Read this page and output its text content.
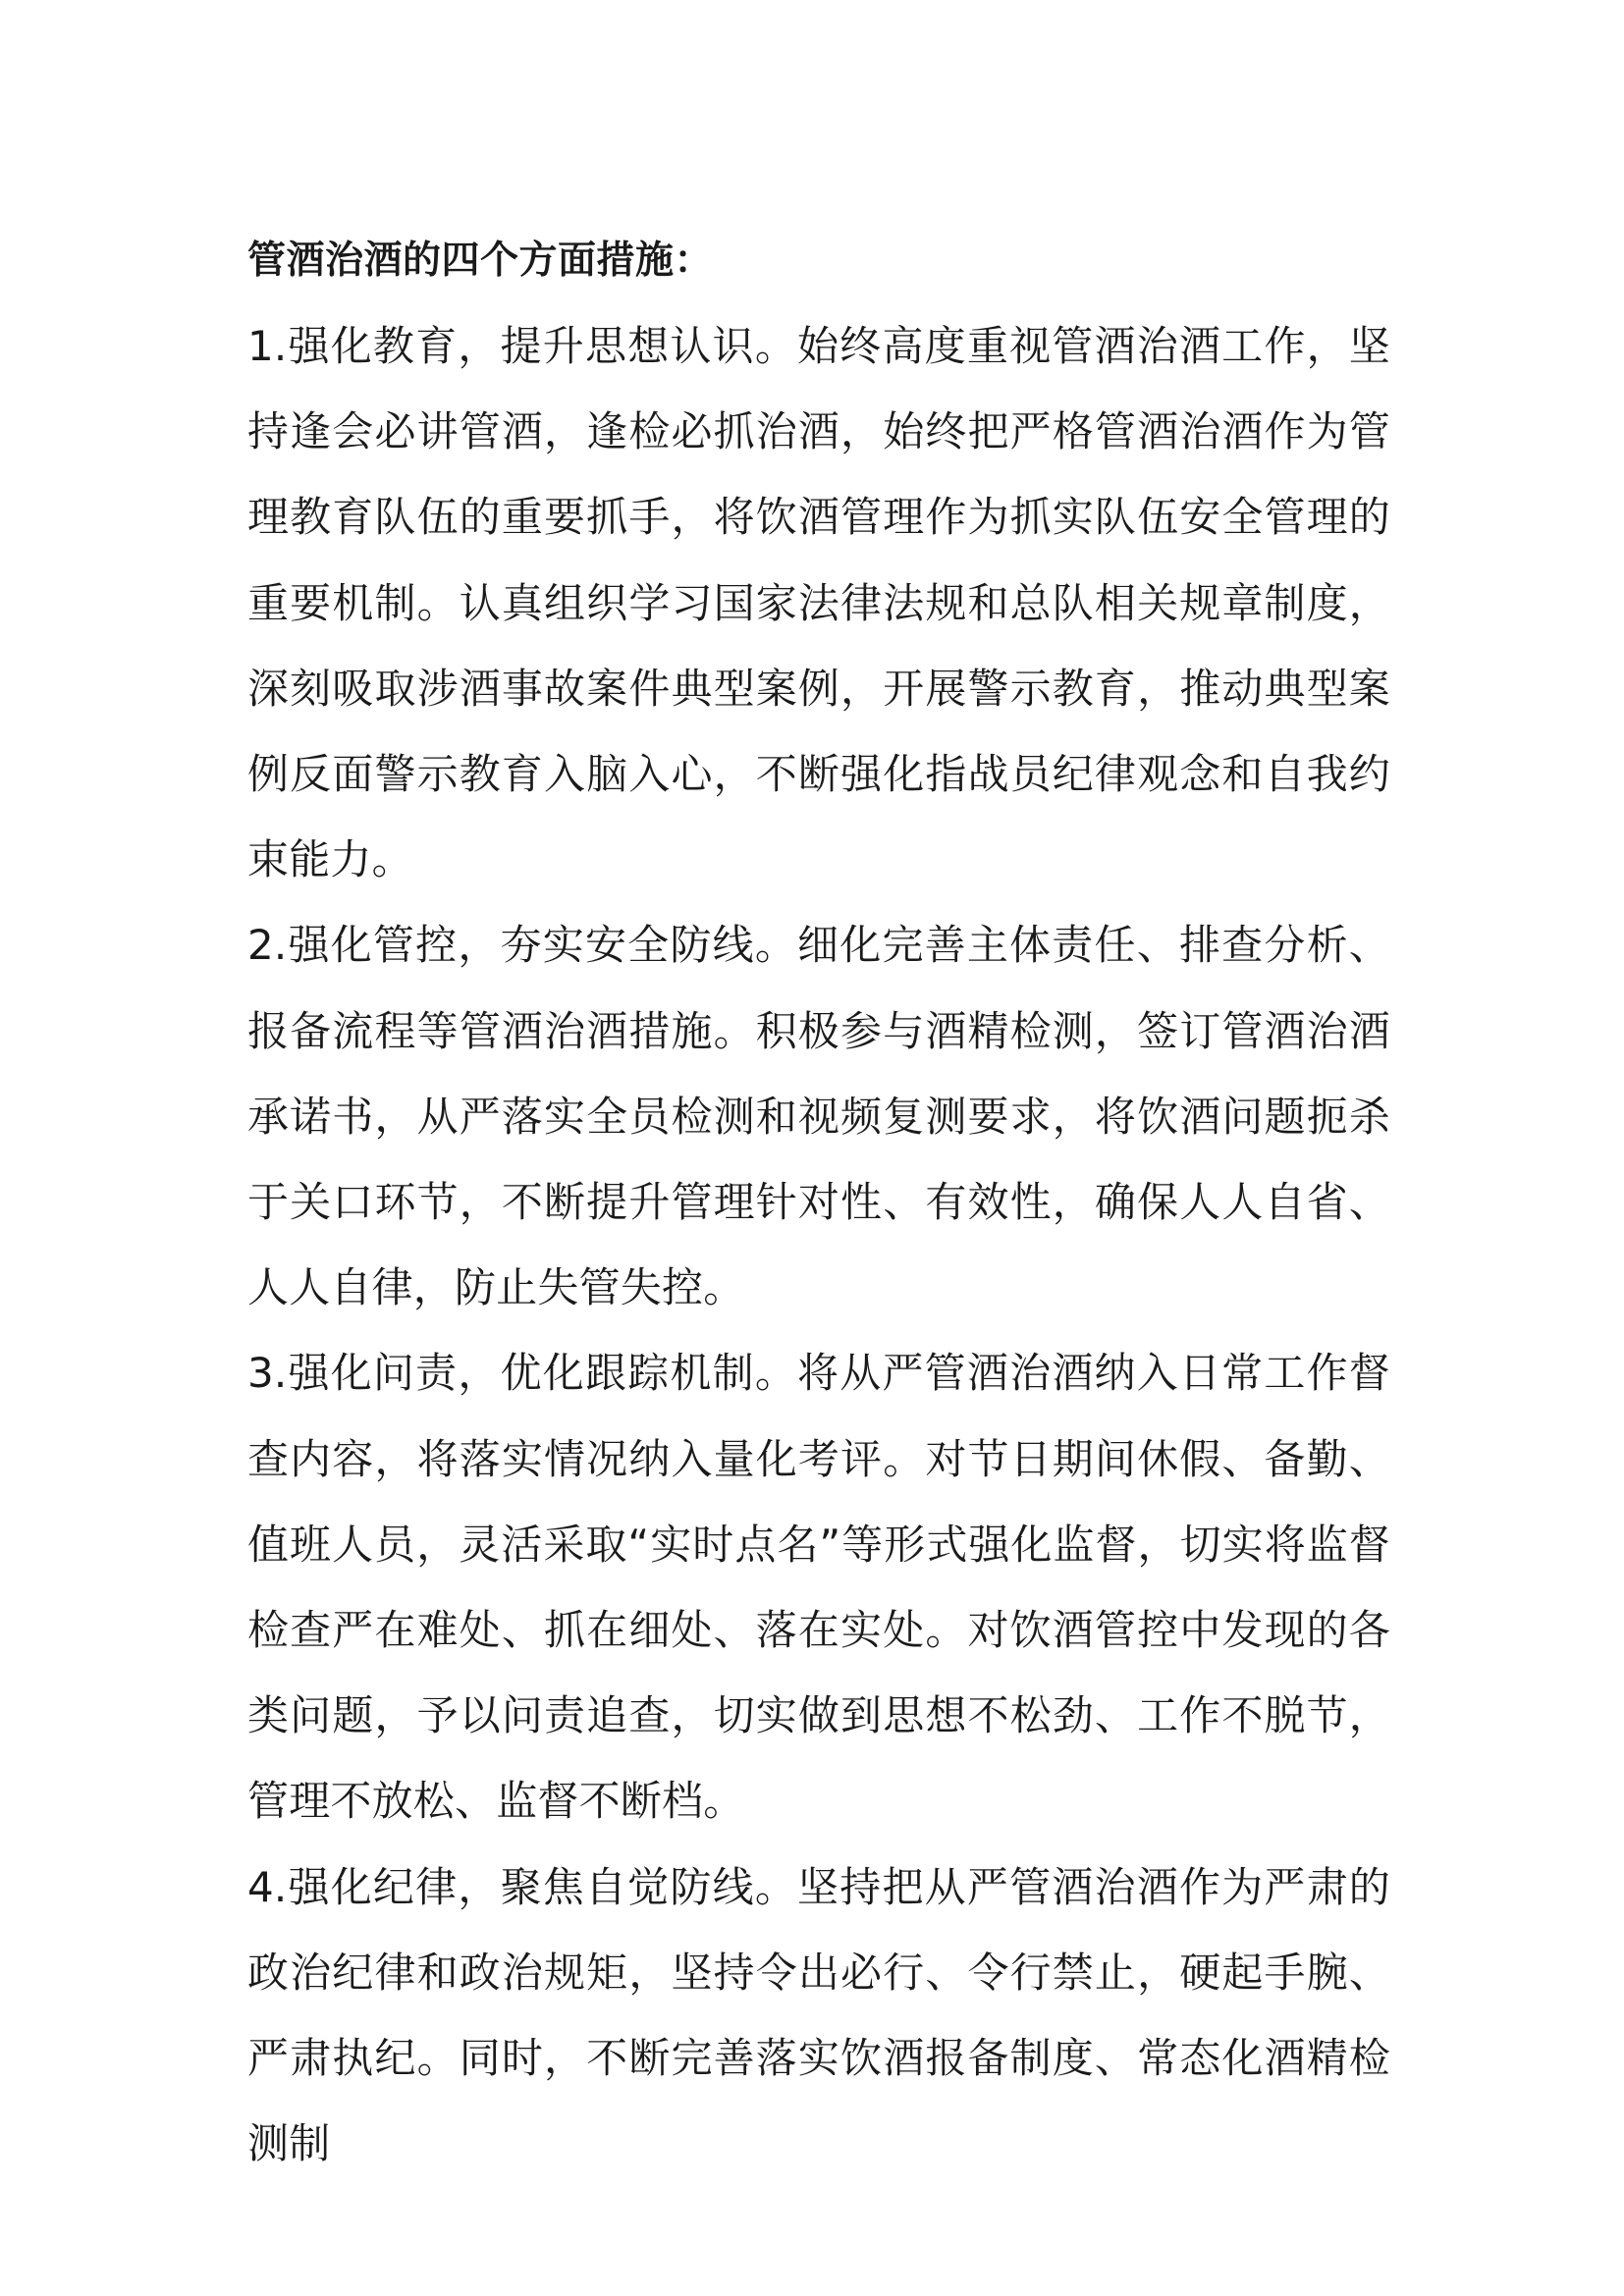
管酒治酒的四个方面措施：

1.强化教育，提升思想认识。始终高度重视管酒治酒工作，坚持逢会必讲管酒，逢检必抓治酒，始终把严格管酒治酒作为管理教育队伍的重要抓手，将饮酒管理作为抓实队伍安全管理的重要机制。认真组织学习国家法律法规和总队相关规章制度，深刻吸取涉酒事故案件典型案例，开展警示教育，推动典型案例反面警示教育入脑入心，不断强化指战员纪律观念和自我约束能力。

2.强化管控，夯实安全防线。细化完善主体责任、排查分析、报备流程等管酒治酒措施。积极参与酒精检测，签订管酒治酒承诺书，从严落实全员检测和视频复测要求，将饮酒问题扼杀于关口环节，不断提升管理针对性、有效性，确保人人自省、人人自律，防止失管失控。

3.强化问责，优化跟踪机制。将从严管酒治酒纳入日常工作督查内容，将落实情况纳入量化考评。对节日期间休假、备勤、值班人员，灵活采取“实时点名”等形式强化监督，切实将监督检查严在难处、抓在细处、落在实处。对饮酒管控中发现的各类问题，予以问责追查，切实做到思想不松劲、工作不脱节，管理不放松、监督不断档。

4.强化纪律，聚焦自觉防线。坚持把从严管酒治酒作为严肃的政治纪律和政治规矩，坚持令出必行、令行禁止，硬起手腕、严肃执纪。同时，不断完善落实饮酒报备制度、常态化酒精检测制
